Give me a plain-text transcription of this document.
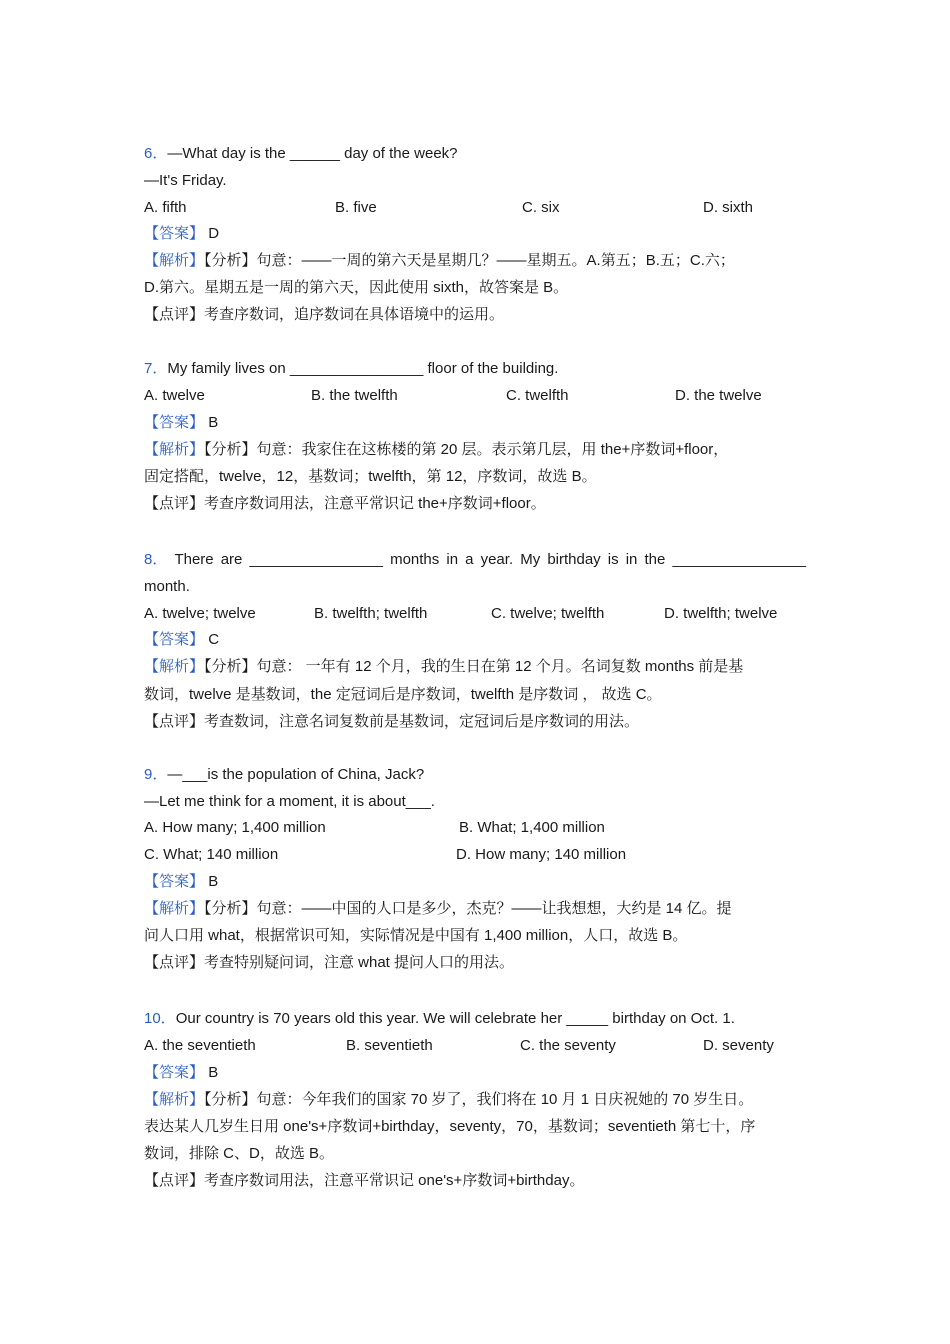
6．—What day is the ______ day of the week?
—It's Friday.
A. fifth	B. five	C. six	D. sixth
【答案】 D
【解析】【分析】句意：——一周的第六天是星期几？——星期五。A.第五；B.五；C.六；
D.第六。星期五是一周的第六天，因此使用 sixth，故答案是 B。
【点评】考查序数词，追序数词在具体语境中的运用。
7．My family lives on ________________ floor of the building.
A. twelve	B. the twelfth	C. twelfth	D. the twelve
【答案】 B
【解析】【分析】句意：我家住在这栋楼的第 20 层。表示第几层，用 the+序数词+floor，
固定搭配，twelve，12，基数词；twelfth，第 12，序数词，故选 B。
【点评】考查序数词用法，注意平常识记 the+序数词+floor。
8． There are ________________ months in a year. My birthday is in the ________________
month.
A. twelve; twelve	B. twelfth; twelfth	C. twelve; twelfth	D. twelfth; twelve
【答案】 C
【解析】【分析】句意： 一年有 12 个月，我的生日在第 12 个月。名词复数 months 前是基
数词，twelve 是基数词，the 定冠词后是序数词，twelfth 是序数词 ， 故选 C。
【点评】考查数词，注意名词复数前是基数词，定冠词后是序数词的用法。
9．—___is the population of China, Jack?
—Let me think for a moment, it is about___.
A. How many; 1,400 million	B. What; 1,400 million
C. What; 140 million	D. How many; 140 million
【答案】 B
【解析】【分析】句意：——中国的人口是多少，杰克？——让我想想，大约是 14 亿。提
问人口用 what，根据常识可知，实际情况是中国有 1,400 million，人口，故选 B。
【点评】考查特别疑问词，注意 what 提问人口的用法。
10．Our country is 70 years old this year. We will celebrate her _____ birthday on Oct. 1.
A. the seventieth	B. seventieth	C. the seventy	D. seventy
【答案】 B
【解析】【分析】句意：今年我们的国家 70 岁了，我们将在 10 月 1 日庆祝她的 70 岁生日。
表达某人几岁生日用 one's+序数词+birthday，seventy，70，基数词；seventieth 第七十，序
数词，排除 C、D，故选 B。
【点评】考查序数词用法，注意平常识记 one's+序数词+birthday。
